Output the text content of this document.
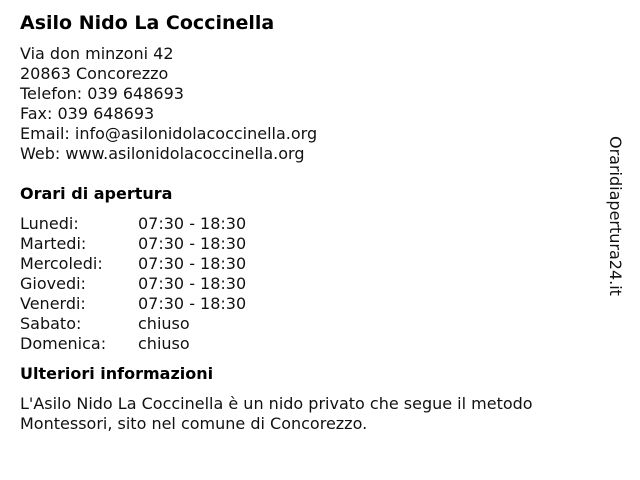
Asilo Nido La Coccinella
Via don minzoni 42
20863 Concorezzo
Telefon: 039 648693
Fax: 039 648693
Email: info@asilonidolacoccinella.org
Web: www.asilonidolacoccinella.org
Orari di apertura
Lunedi:	07:30 - 18:30
Martedi:	07:30 - 18:30
Mercoledi:	07:30 - 18:30
Giovedi:	07:30 - 18:30
Venerdi:	07:30 - 18:30
Sabato:	chiuso
Domenica:	chiuso
Ulteriori informazioni
L'Asilo Nido La Coccinella è un nido privato che segue il metodo Montessori, sito nel comune di Concorezzo.
Oraridiapertura24.it
